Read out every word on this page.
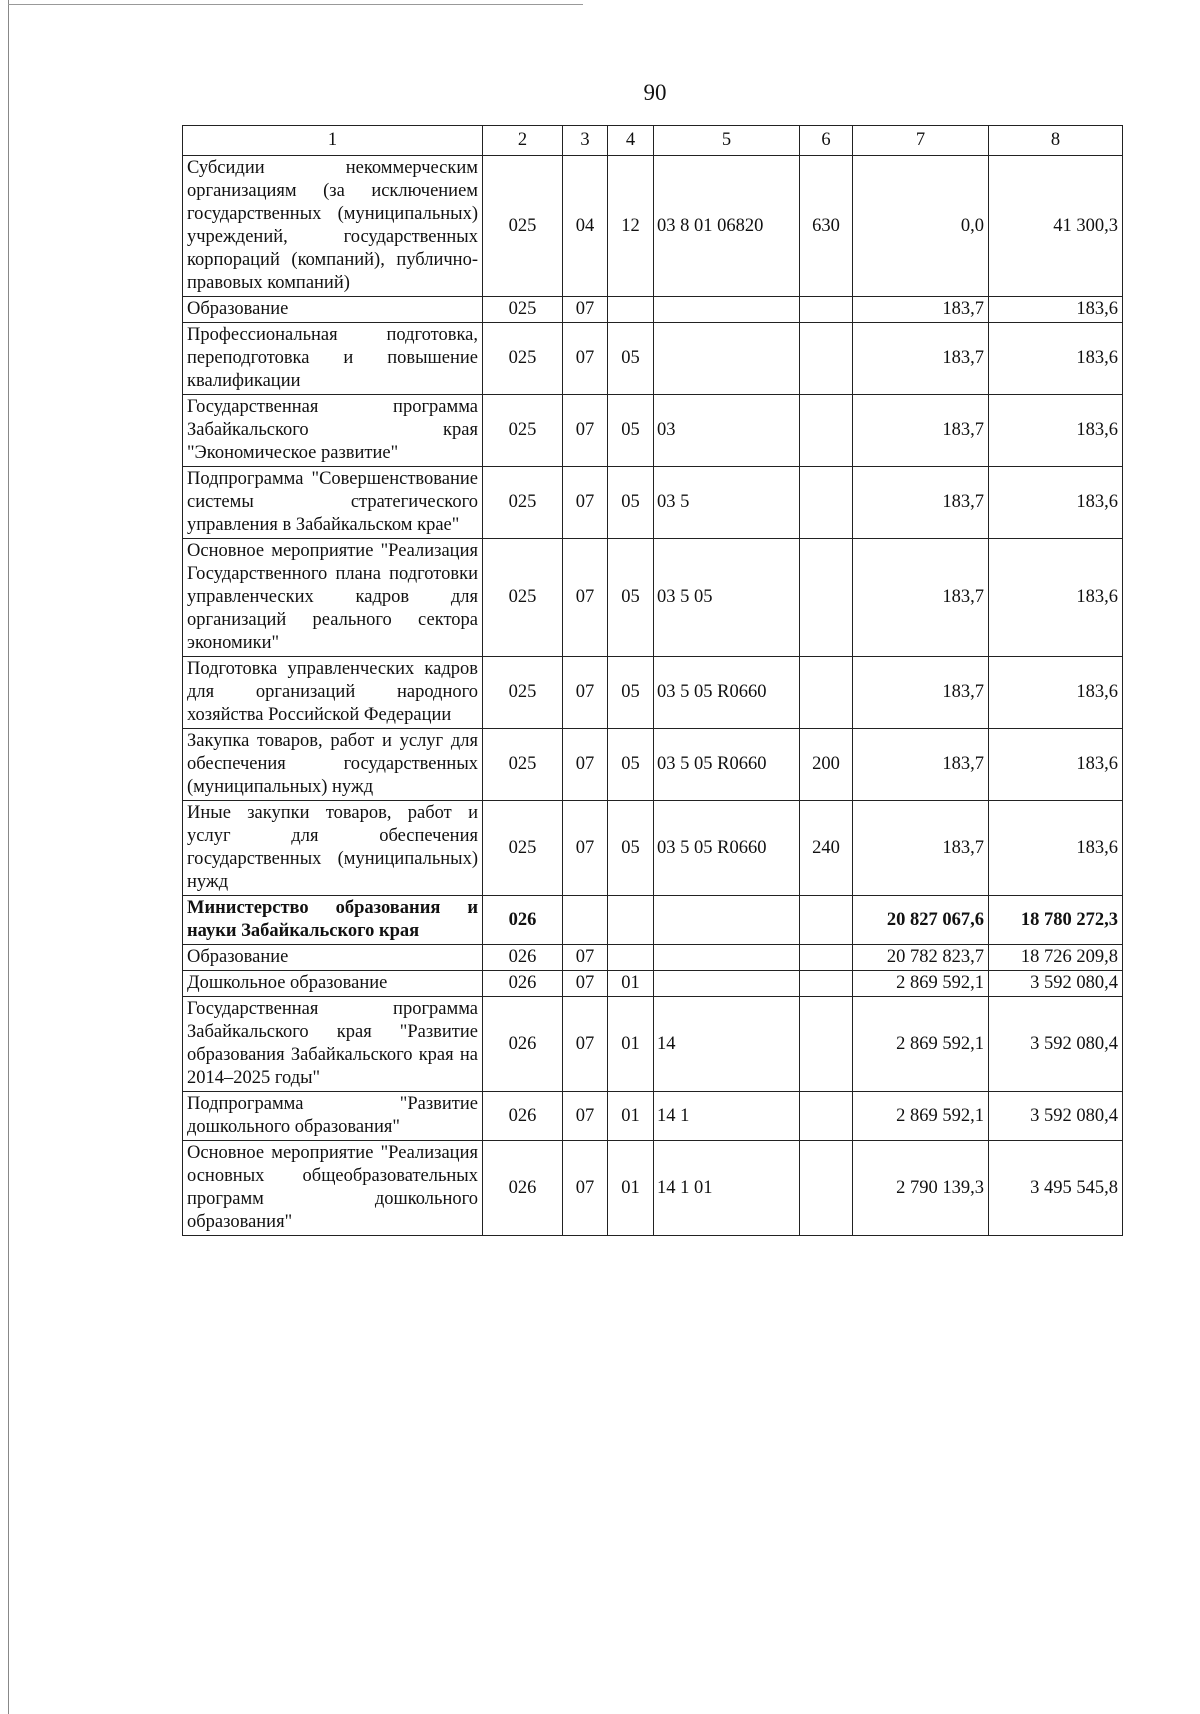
90
1	2	3	4	5	6	7	8
Субсидии некоммерческим организациям (за исключением государственных (муниципальных) учреждений, государственных корпораций (компаний), публично-правовых компаний)	025	04	12	03 8 01 06820	630	0,0	41 300,3
Образование	025	07				183,7	183,6
Профессиональная подготовка, переподготовка и повышение квалификации	025	07	05			183,7	183,6
Государственная программа Забайкальского края "Экономическое развитие"	025	07	05	03		183,7	183,6
Подпрограмма "Совершенствование системы стратегического управления в Забайкальском крае"	025	07	05	03 5		183,7	183,6
Основное мероприятие "Реализация Государственного плана подготовки управленческих кадров для организаций реального сектора экономики"	025	07	05	03 5 05		183,7	183,6
Подготовка управленческих кадров для организаций народного хозяйства Российской Федерации	025	07	05	03 5 05 R0660		183,7	183,6
Закупка товаров, работ и услуг для обеспечения государственных (муниципальных) нужд	025	07	05	03 5 05 R0660	200	183,7	183,6
Иные закупки товаров, работ и услуг для обеспечения государственных (муниципальных) нужд	025	07	05	03 5 05 R0660	240	183,7	183,6
Министерство образования и науки Забайкальского края	026					20 827 067,6	18 780 272,3
Образование	026	07				20 782 823,7	18 726 209,8
Дошкольное образование	026	07	01			2 869 592,1	3 592 080,4
Государственная программа Забайкальского края "Развитие образования Забайкальского края на 2014–2025 годы"	026	07	01	14		2 869 592,1	3 592 080,4
Подпрограмма "Развитие дошкольного образования"	026	07	01	14 1		2 869 592,1	3 592 080,4
Основное мероприятие "Реализация основных общеобразовательных программ дошкольного образования"	026	07	01	14 1 01		2 790 139,3	3 495 545,8
